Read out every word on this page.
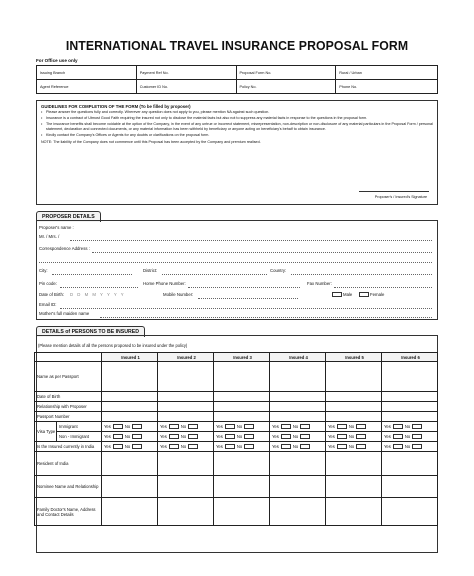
INTERNATIONAL TRAVEL INSURANCE PROPOSAL FORM
For Office use only
Issuing Branch	Payment Ref No.	Proposal Form No.	Rural / Urban
Agent Reference	Customer ID No.	Policy No.	Phone No.
GUIDELINES FOR COMPLETION OF THE FORM (To be filled by proposer)
• Please answer the questions fully and correctly. Wherever any question does not apply to you, please mention NA against such question.
• Insurance is a contract of Utmost Good Faith requiring the insured not only to disclose the material facts but also not to suppress any material facts in response to the questions in the proposal form.
• The insurance benefits shall become voidable at the option of the Company, in the event of any untrue or incorrect statement, misrepresentation, non-description or non-disclosure of any material particulars in the Proposal Form / personal statement, declaration and connected documents, or any material information has been withheld by beneficiary or anyone acting on beneficiary's behalf to obtain insurance.
• Kindly contact the Company's Offices or Agents for any doubts or clarifications on the proposal form.
NOTE: The liability of the Company does not commence until this Proposal has been accepted by the Company and premium realised.
Proposer's / Insured's Signature
PROPOSER DETAILS
Proposer's name :
Mr. / Mrs. /
Correspondence Address :
City:	District:	Country:
Pin code:	Home Phone Number:	Fax Number:
Date of Birth: D D M M Y Y Y Y	Mobile Number:	Male	Female
Email ID:
Mother's full maiden name
DETAILS of PERSONS TO BE INSURED
(Please mention details of all the persons proposed to be insured under the policy)
		Insured 1	Insured 2	Insured 3	Insured 4	Insured 5	Insured 6
Name as per Passport							
Date of Birth							
Relationship with Proposer							
Passport Number							
Visa Type	Immigrant	Yes No	Yes No	Yes No	Yes No	Yes No	Yes No
	Non - Immigrant	Yes No	Yes No	Yes No	Yes No	Yes No	Yes No
Is the Insured currently in India		Yes No	Yes No	Yes No	Yes No	Yes No	Yes No
Resident of India							
Nominee Name and Relationship							
Family Doctor's Name, Address and Contact Details							
